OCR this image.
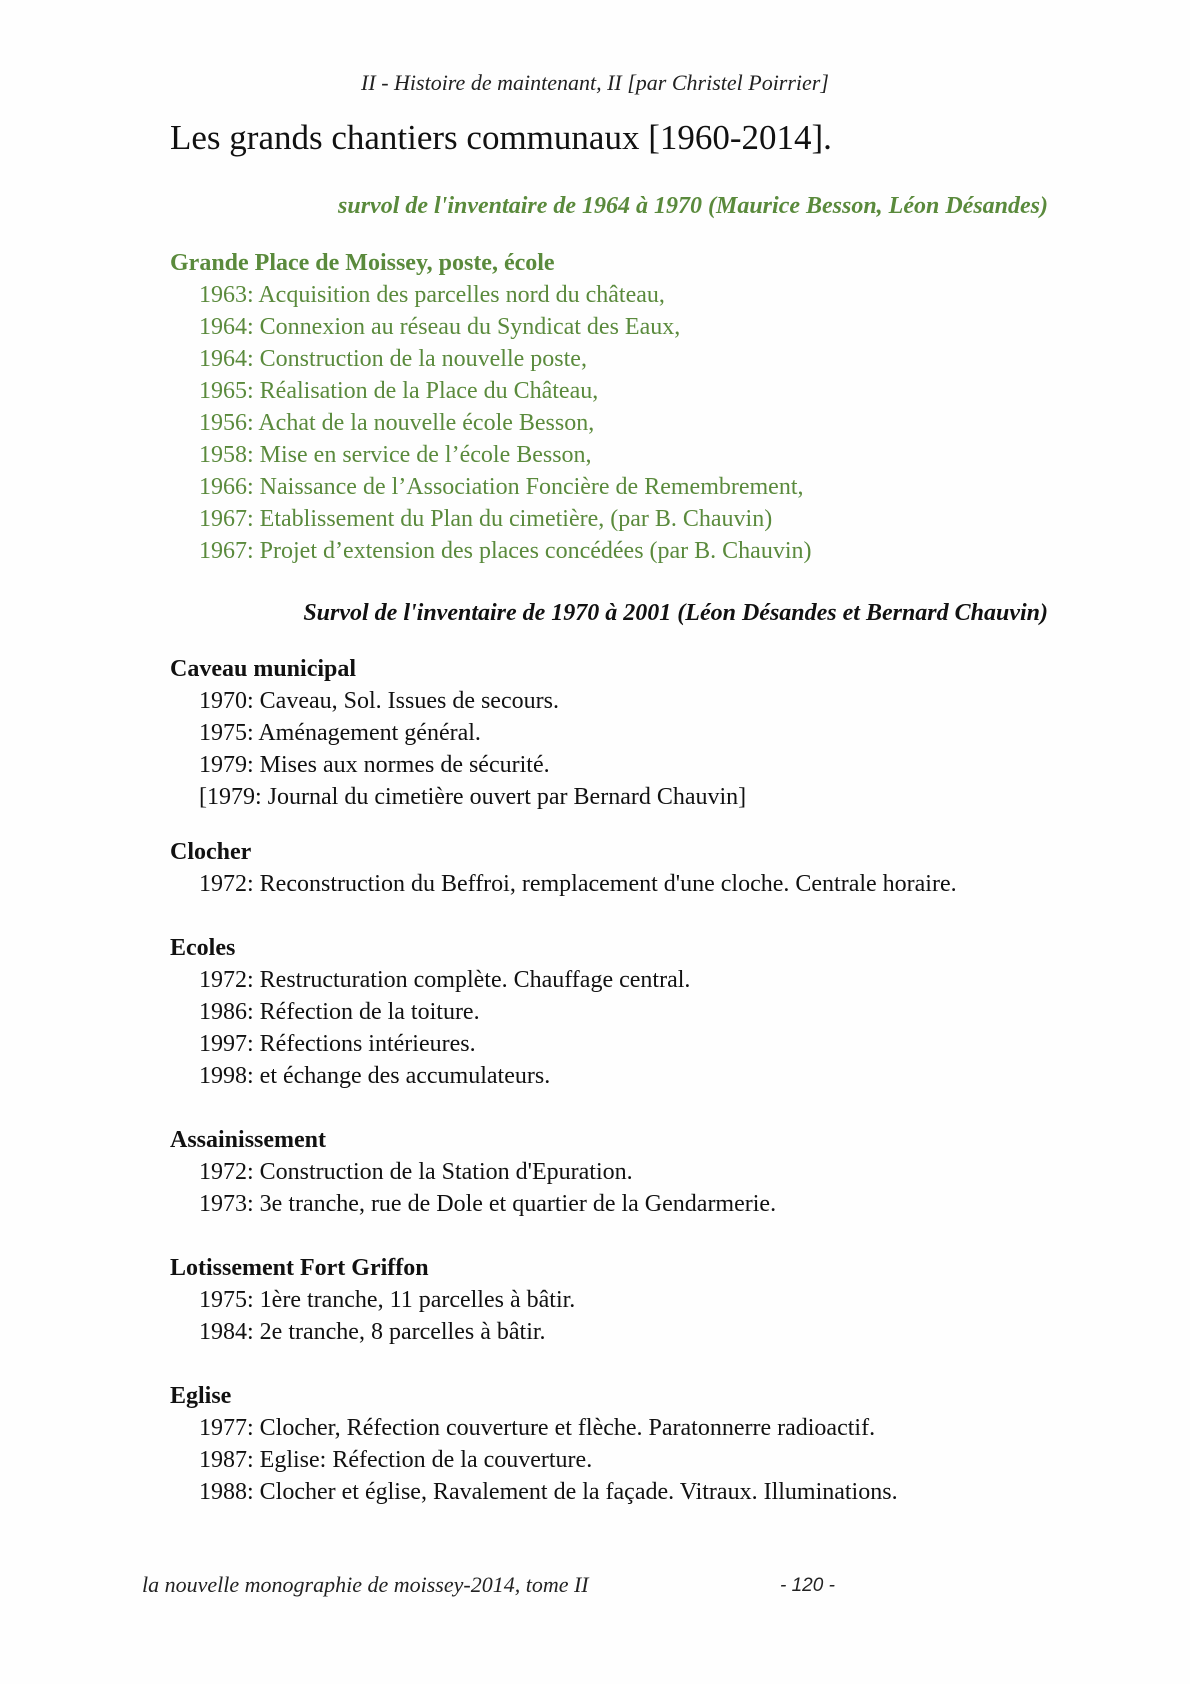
II - Histoire de maintenant, II [par Christel Poirrier]
Les grands chantiers communaux [1960-2014].
survol de l'inventaire de 1964 à 1970 (Maurice Besson, Léon Désandes)
Grande Place de Moissey, poste, école
1963: Acquisition des parcelles nord du château,
1964: Connexion au réseau du Syndicat des Eaux,
1964: Construction de la nouvelle poste,
1965: Réalisation de la Place du Château,
1956: Achat de la nouvelle école Besson,
1958: Mise en service de l’école Besson,
1966: Naissance de l’Association Foncière de Remembrement,
1967: Etablissement du Plan du cimetière, (par B. Chauvin)
1967: Projet d’extension des places concédées (par B. Chauvin)
Survol de l'inventaire de 1970 à 2001 (Léon Désandes et Bernard Chauvin)
Caveau municipal
1970: Caveau, Sol. Issues de secours.
1975: Aménagement général.
1979: Mises aux normes de sécurité.
[1979: Journal du cimetière ouvert par Bernard Chauvin]
Clocher
1972: Reconstruction du Beffroi, remplacement d'une cloche. Centrale horaire.
Ecoles
1972: Restructuration complète. Chauffage central.
1986: Réfection de la toiture.
1997: Réfections intérieures.
1998: et échange des accumulateurs.
Assainissement
1972: Construction de la Station d'Epuration.
1973: 3e tranche, rue de Dole et quartier de la Gendarmerie.
Lotissement Fort Griffon
1975: 1ère tranche, 11 parcelles à bâtir.
1984: 2e tranche, 8 parcelles à bâtir.
Eglise
1977: Clocher, Réfection couverture et flèche. Paratonnerre radioactif.
1987: Eglise: Réfection de la couverture.
1988: Clocher et église, Ravalement de la façade. Vitraux. Illuminations.
la nouvelle monographie de moissey-2014, tome II	- 120 -
